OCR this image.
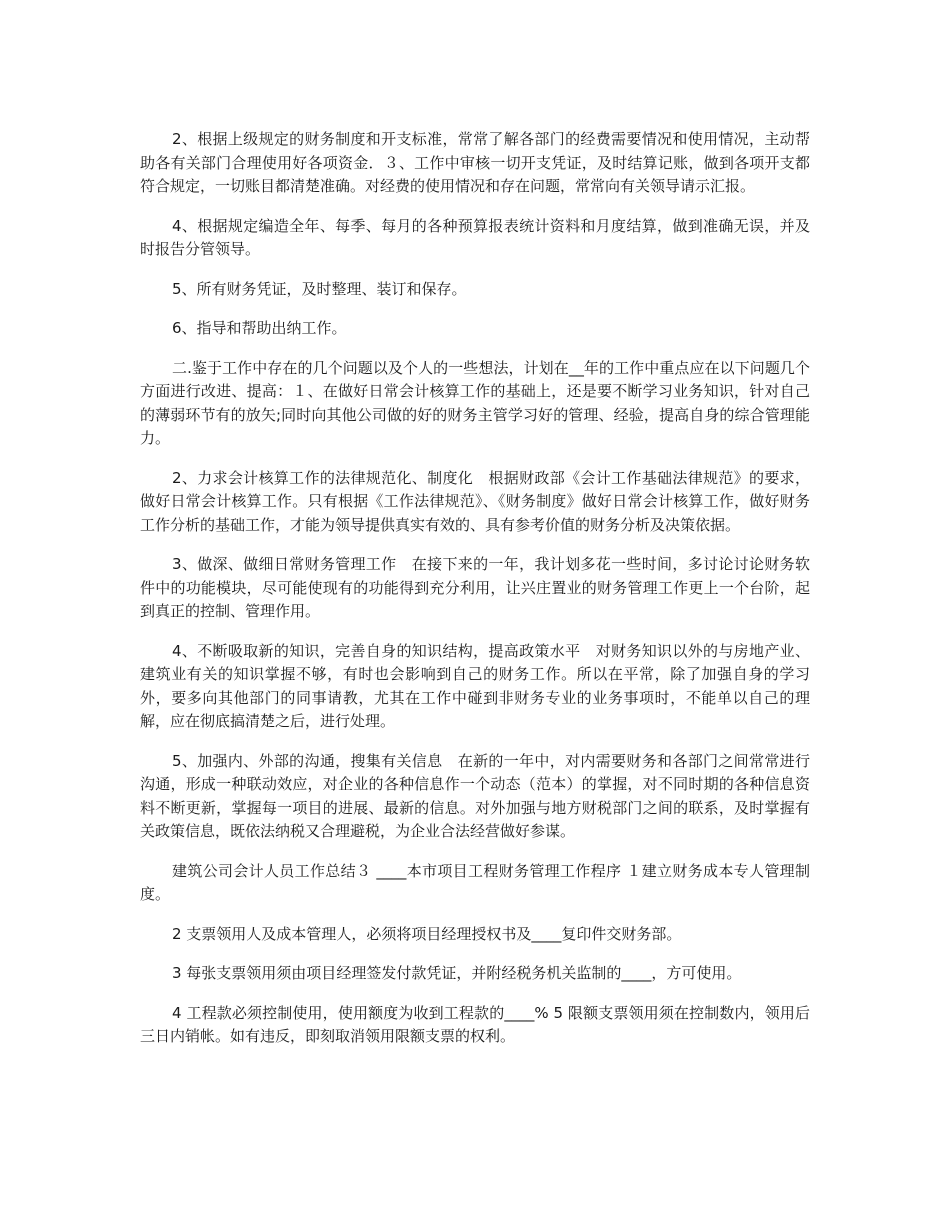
2、根据上级规定的财务制度和开支标准，常常了解各部门的经费需要情况和使用情况，主动帮助各有关部门合理使用好各项资金．３、工作中审核一切开支凭证，及时结算记账，做到各项开支都符合规定，一切账目都清楚准确。对经费的使用情况和存在问题，常常向有关领导请示汇报。

4、根据规定编造全年、每季、每月的各种预算报表统计资料和月度结算，做到准确无误，并及时报告分管领导。

5、所有财务凭证，及时整理、装订和保存。

6、指导和帮助出纳工作。

二.鉴于工作中存在的几个问题以及个人的一些想法，计划在__年的工作中重点应在以下问题几个方面进行改进、提高：１、在做好日常会计核算工作的基础上，还是要不断学习业务知识，针对自己的薄弱环节有的放矢;同时向其他公司做的好的财务主管学习好的管理、经验，提高自身的综合管理能力。

2、力求会计核算工作的法律规范化、制度化　根据财政部《会计工作基础法律规范》的要求，做好日常会计核算工作。只有根据《工作法律规范》、《财务制度》做好日常会计核算工作，做好财务工作分析的基础工作，才能为领导提供真实有效的、具有参考价值的财务分析及决策依据。

3、做深、做细日常财务管理工作　在接下来的一年，我计划多花一些时间，多讨论讨论财务软件中的功能模块，尽可能使现有的功能得到充分利用，让兴庄置业的财务管理工作更上一个台阶，起到真正的控制、管理作用。

4、不断吸取新的知识，完善自身的知识结构，提高政策水平　对财务知识以外的与房地产业、建筑业有关的知识掌握不够，有时也会影响到自己的财务工作。所以在平常，除了加强自身的学习外，要多向其他部门的同事请教，尤其在工作中碰到非财务专业的业务事项时，不能单以自己的理解，应在彻底搞清楚之后，进行处理。

5、加强内、外部的沟通，搜集有关信息　在新的一年中，对内需要财务和各部门之间常常进行沟通，形成一种联动效应，对企业的各种信息作一个动态（范本）的掌握，对不同时期的各种信息资料不断更新，掌握每一项目的进展、最新的信息。对外加强与地方财税部门之间的联系，及时掌握有关政策信息，既依法纳税又合理避税，为企业合法经营做好参谋。

建筑公司会计人员工作总结３ ____本市项目工程财务管理工作程序 １建立财务成本专人管理制度。

2 支票领用人及成本管理人，必须将项目经理授权书及____复印件交财务部。

3 每张支票领用须由项目经理签发付款凭证，并附经税务机关监制的____，方可使用。

4 工程款必须控制使用，使用额度为收到工程款的____% 5 限额支票领用须在控制数内，领用后三日内销帐。如有违反，即刻取消领用限额支票的权利。
